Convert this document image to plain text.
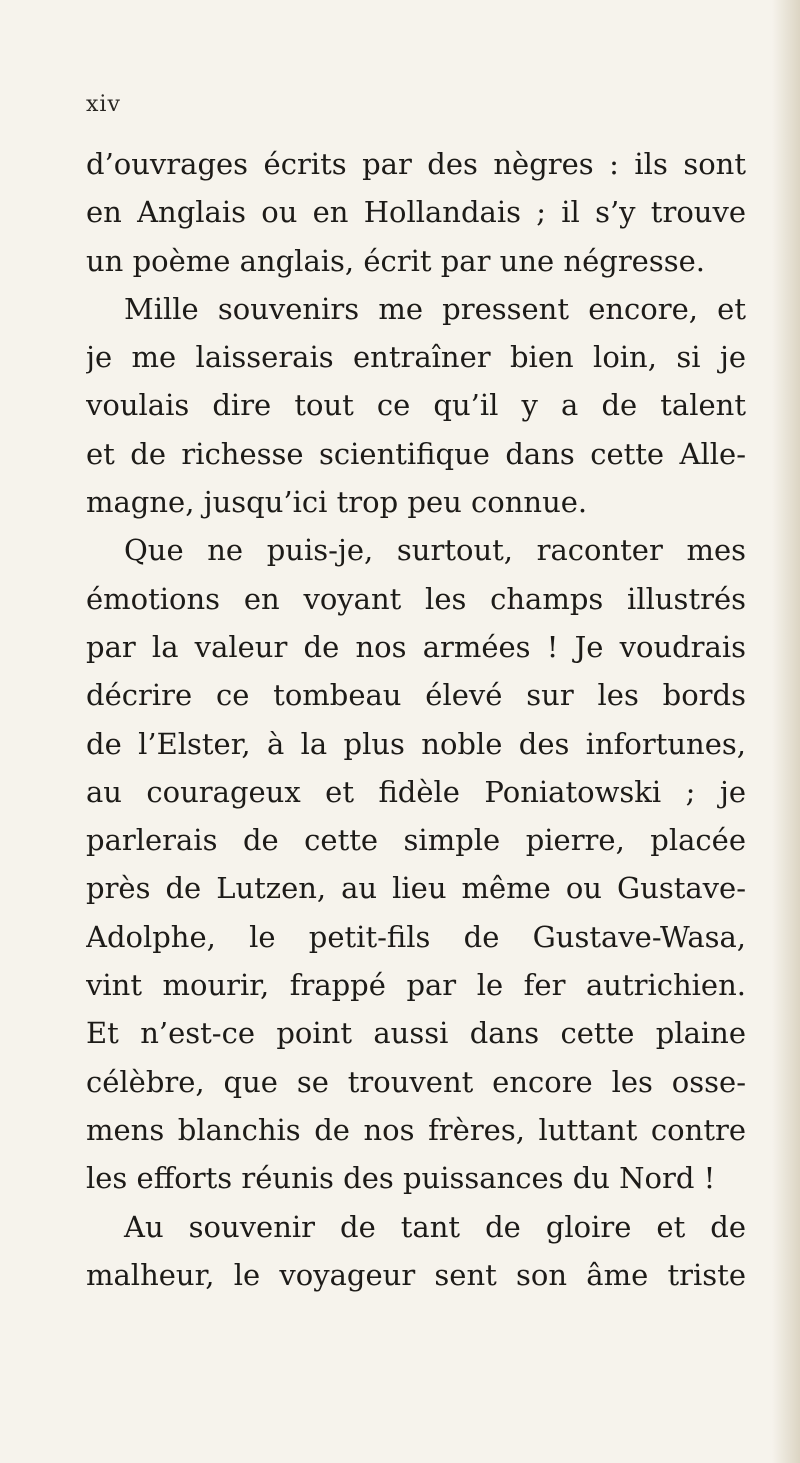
xiv
d’ouvrages écrits par des nègres : ils sont
en Anglais ou en Hollandais ; il s’y trouve
un poème anglais, écrit par une négresse.
Mille souvenirs me pressent encore, et
je me laisserais entraîner bien loin, si je
voulais dire tout ce qu’il y a de talent
et de richesse scientifique dans cette Alle-
magne, jusqu’ici trop peu connue.
Que ne puis-je, surtout, raconter mes
émotions en voyant les champs illustrés
par la valeur de nos armées ! Je voudrais
décrire ce tombeau élevé sur les bords
de l’Elster, à la plus noble des infortunes,
au courageux et fidèle Poniatowski ; je
parlerais de cette simple pierre, placée
près de Lutzen, au lieu même ou Gustave-
Adolphe, le petit-fils de Gustave-Wasa,
vint mourir, frappé par le fer autrichien.
Et n’est-ce point aussi dans cette plaine
célèbre, que se trouvent encore les osse-
mens blanchis de nos frères, luttant contre
les efforts réunis des puissances du Nord !
Au souvenir de tant de gloire et de
malheur, le voyageur sent son âme triste
